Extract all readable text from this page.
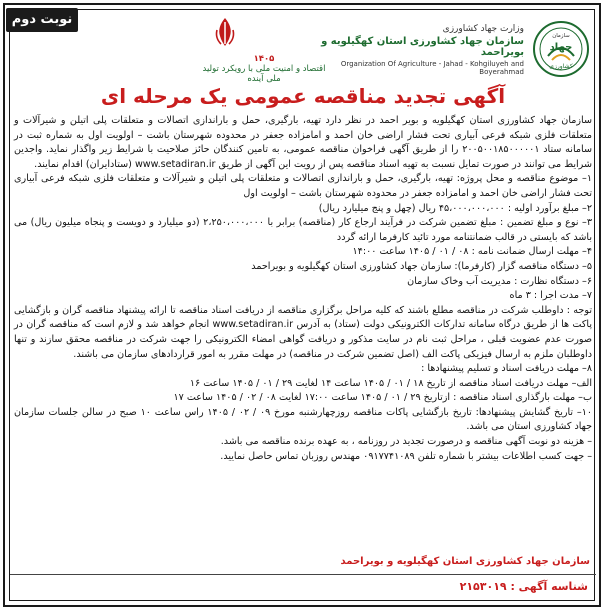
نوبت دوم
سازمان
جهاد
کشاورزی
وزارت جهاد کشاورزی
سازمان جهاد کشاورزی استان کهگیلویه و بویراحمد
Organization Of Agriculture - Jahad - Kohgiluyeh and Boyerahmad
۱۴۰۵
اقتصاد و امنیت ملی با رویکرد تولید ملی آینده
آگهی تجدید مناقصه عمومی یک مرحله ای

سازمان جهاد کشاورزی استان کهگیلویه و بویر احمد در نظر دارد تهیه، بارگیری، حمل و باراندازی اتصالات و متعلقات پلی اتیلن و شیرآلات و متعلقات فلزی شبکه فرعی آبیاری تحت فشار اراضی خان احمد و امامزاده جعفر در محدوده شهرستان باشت – اولویت اول به شماره ثبت در سامانه ستاد ۲۰۰۵۰۰۱۸۵۰۰۰۰۰۱ را از طریق آگهی فراخوان مناقصه عمومی، به تامین کنندگان حائز صلاحیت با شرایط زیر واگذار نماید. واجدین شرایط می توانند در صورت تمایل نسبت به تهیه اسناد مناقصه پس از رویت این آگهی از طریق www.setadiran.ir (ستادایران) اقدام نمایند.

۱– موضوع مناقصه و محل پروژه: تهیه، بارگیری، حمل و باراندازی اتصالات و متعلقات پلی اتیلن و شیرآلات و متعلقات فلزی شبکه فرعی آبیاری تحت فشار اراضی خان احمد و امامزاده جعفر در محدوده شهرستان باشت – اولویت اول

۲– مبلغ برآورد اولیه : ۴۵،۰۰۰،۰۰۰،۰۰۰ ریال (چهل و پنج میلیارد ریال)

۳– نوع و مبلغ تضمین : مبلغ تضمین شرکت در فرآیند ارجاع کار (مناقصه) برابر با ۲،۲۵۰،۰۰۰،۰۰۰ (دو میلیارد و دویست و پنجاه میلیون ریال) می باشد که بایستی در قالب ضمانتنامه مورد تائید کارفرما ارائه گردد

۴– مهلت ارسال ضمانت نامه : ۰۸ / ۰۱ / ۱۴۰۵ ساعت ۱۴:۰۰

۵– دستگاه مناقصه گزار (کارفرما): سازمان جهاد کشاورزی استان کهگیلویه و بویراحمد

۶– دستگاه نظارت : مدیریت آب وخاک سازمان

۷– مدت اجرا : ۳ ماه

توجه : داوطلب شرکت در مناقصه مطلع باشند که کلیه مراحل برگزاری مناقصه از دریافت اسناد مناقصه تا ارائه پیشنهاد مناقصه گران و بازگشایی پاکت ها از طریق درگاه سامانه تدارکات الکترونیکی دولت (ستاد) به آدرس www.setadiran.ir انجام خواهد شد و لازم است که مناقصه گران در صورت عدم عضویت قبلی ، مراحل ثبت نام در سایت مذکور و دریافت گواهی امضاء الکترونیکی را جهت شرکت در مناقصه محقق سازند و تنها داوطلبان ملزم به ارسال فیزیکی پاکت الف (اصل تضمین شرکت در مناقصه) در مهلت مقرر به امور قراردادهای سازمان می باشند.

۸– مهلت دریافت اسناد و تسلیم پیشنهادها :

الف– مهلت دریافت اسناد مناقصه از تاریخ ۱۸ / ۰۱ / ۱۴۰۵ ساعت ۱۴ لغایت ۲۹ / ۰۱ / ۱۴۰۵ ساعت ۱۶

ب– مهلت بارگذاری اسناد مناقصه : ازتاریخ ۲۹ / ۰۱ / ۱۴۰۵ ساعت ۱۷:۰۰ لغایت ۰۸ / ۰۲ / ۱۴۰۵ ساعت ۱۷

۱۰– تاریخ گشایش پیشنهادها: تاریخ بازگشایی پاکات مناقصه روزچهارشنبه مورخ ۰۹ / ۰۲ / ۱۴۰۵ راس ساعت ۱۰ صبح در سالن جلسات سازمان جهاد کشاورزی استان می باشد.

– هزینه دو نوبت آگهی مناقصه و درصورت تجدید در روزنامه ، به عهده برنده مناقصه می باشد.

– جهت کسب اطلاعات بیشتر با شماره تلفن ۰۹۱۷۷۴۱۰۸۹ مهندس روزبان تماس حاصل نمایید.

سازمان جهاد کشاورزی استان کهگیلویه و بویراحمد
شناسه آگهی : ۲۱۵۳۰۱۹
